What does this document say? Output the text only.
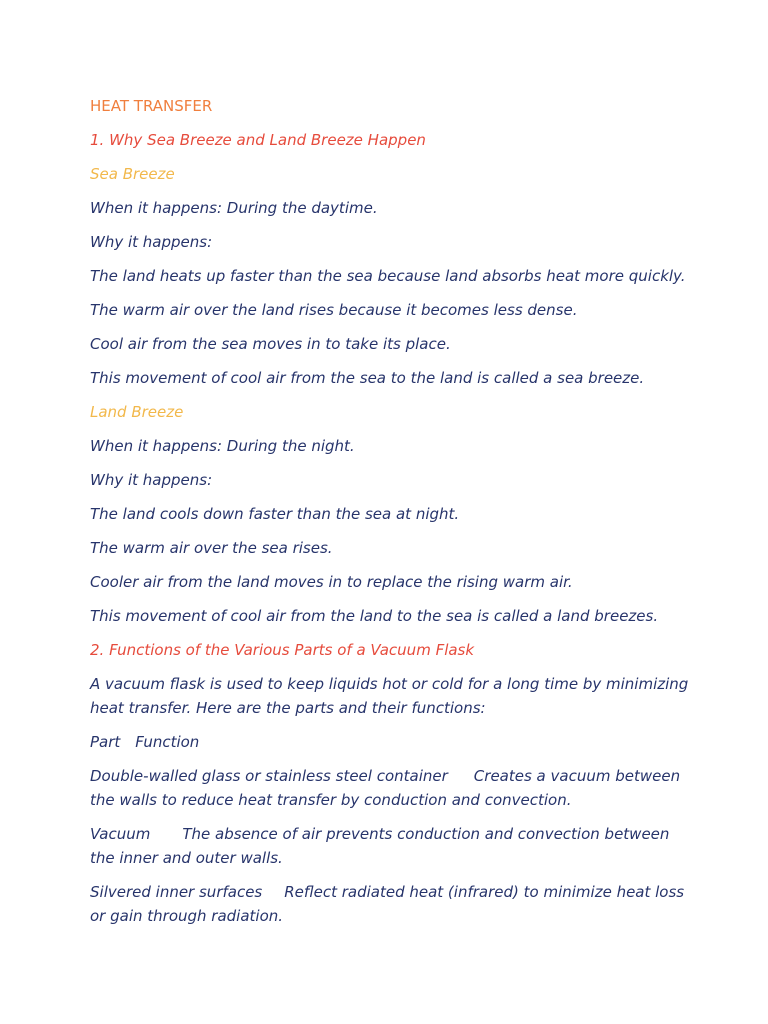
HEAT TRANSFER
1. Why Sea Breeze and Land Breeze Happen
Sea Breeze
When it happens: During the daytime.
Why it happens:
The land heats up faster than the sea because land absorbs heat more quickly.
The warm air over the land rises because it becomes less dense.
Cool air from the sea moves in to take its place.
This movement of cool air from the sea to the land is called a sea breeze.
Land Breeze
When it happens: During the night.
Why it happens:
The land cools down faster than the sea at night.
The warm air over the sea rises.
Cooler air from the land moves in to replace the rising warm air.
This movement of cool air from the land to the sea is called a land breezes.
2. Functions of the Various Parts of a Vacuum Flask
A vacuum flask is used to keep liquids hot or cold for a long time by minimizing heat transfer. Here are the parts and their functions:
Part Function
Double-walled glass or stainless steel container Creates a vacuum between the walls to reduce heat transfer by conduction and convection.
Vacuum The absence of air prevents conduction and convection between the inner and outer walls.
Silvered inner surfaces Reflect radiated heat (infrared) to minimize heat loss or gain through radiation.
